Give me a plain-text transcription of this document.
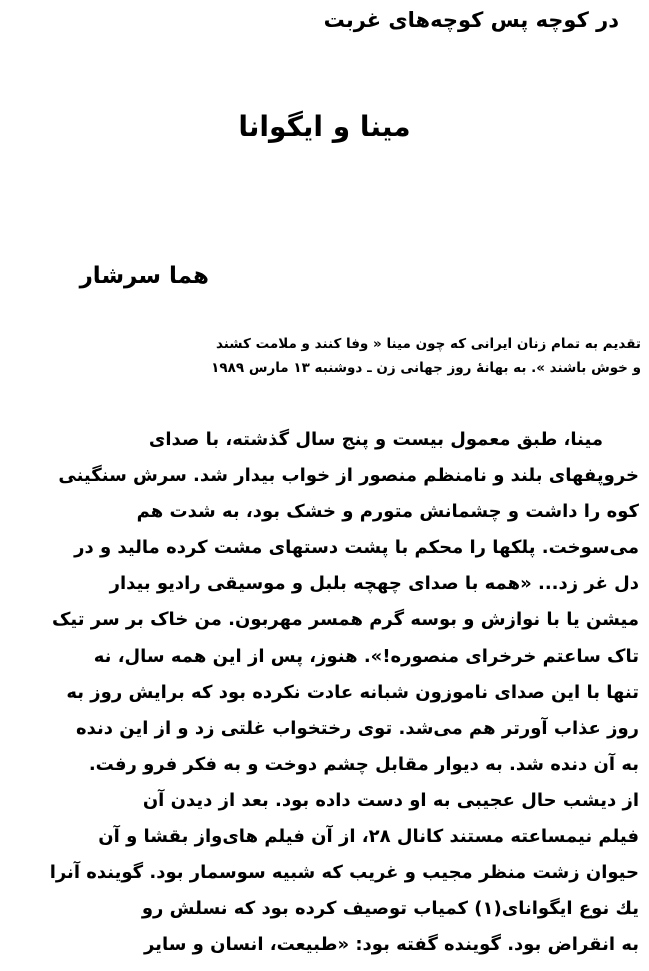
در کوچه پس کوچه‌های غربت
مینا و ایگوانا
هما سرشار
تقدیم به تمام زنان ایرانی که چون مینا « وفا کنند و ملامت کشند
و خوش باشند ». به بهانهٔ روز جهانی زن ـ دوشنبه ۱۳ مارس ۱۹۸۹
مینا، طبق معمول بیست و پنج سال گذشته، با صدای
خروپفهای بلند و نامنظم منصور از خواب بیدار شد. سرش سنگینی
کوه را داشت و چشمانش متورم و خشک بود، به شدت هم
می‌سوخت. پلکها را محکم با پشت دستهای مشت کرده مالید و در
دل غر زد... «همه با صدای چهچه بلبل و موسیقی رادیو بیدار
میشن یا با نوازش و بوسه گرم همسر مهربون. من خاک بر سر تیک
تاک ساعتم خرخرای منصوره!». هنوز، پس از این همه سال، نه
تنها با این صدای ناموزون شبانه عادت نکرده بود که برایش روز به
روز عذاب آورتر هم می‌شد. توی رختخواب غلتی زد و از این دنده
به آن دنده شد. به دیوار مقابل چشم دوخت و به فکر فرو رفت.
از دیشب حال عجیبی به او دست داده بود. بعد از دیدن آن
فیلم نیمساعته مستند کانال ۲۸، از آن فیلم های‌واز بقشا و آن
حیوان زشت منظر مجیب و غریب که شبیه سوسمار بود. گوینده آنرا
یك نوع ایگوانای(۱) کمیاب توصیف کرده بود که نسلش رو
به انقراض بود. گوینده گفته بود: «طبیعت، انسان و سایر
